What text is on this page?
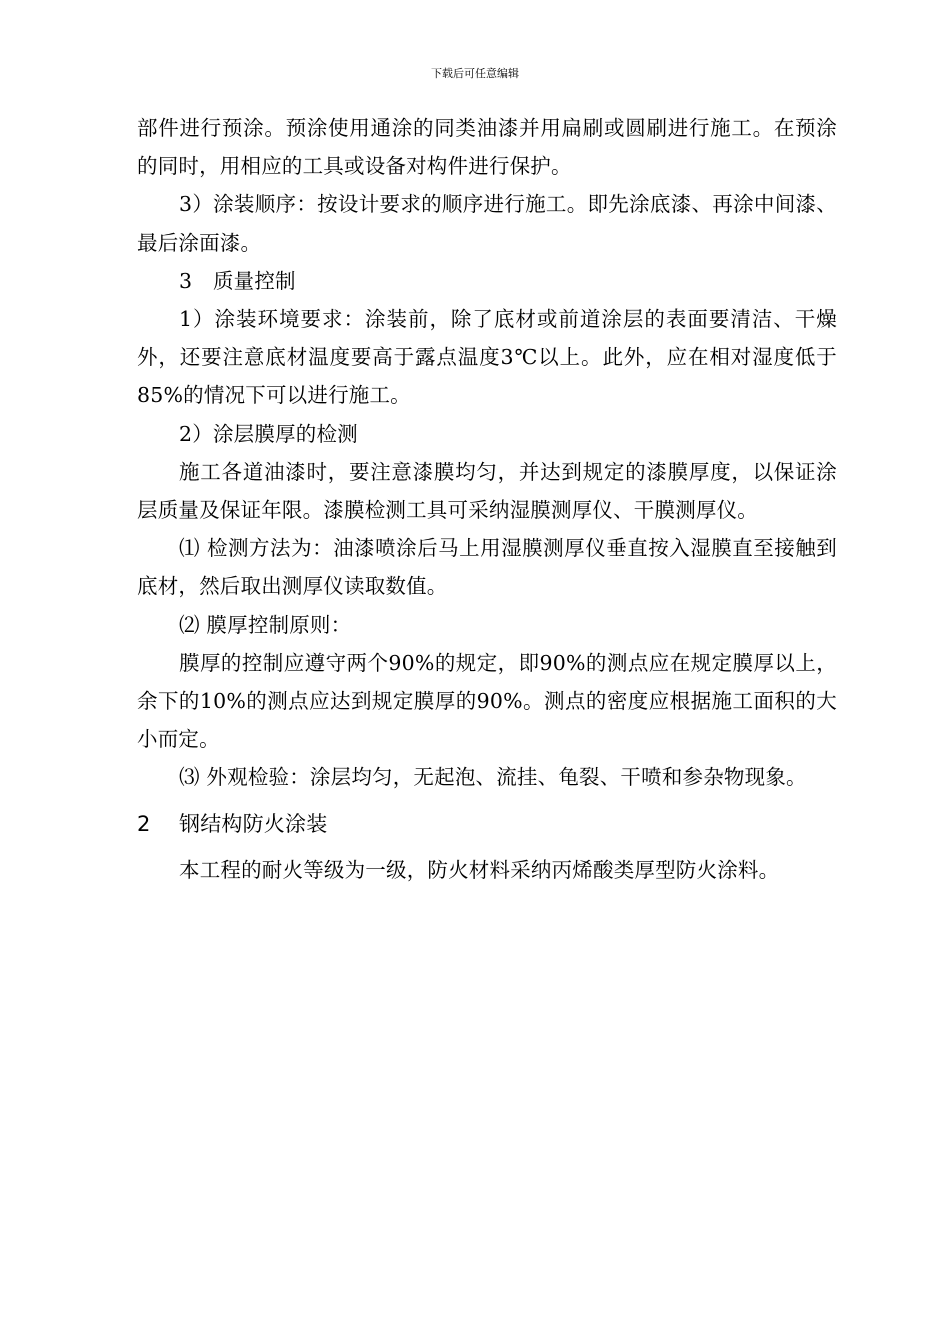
下载后可任意编辑

部件进行预涂。预涂使用通涂的同类油漆并用扁刷或圆刷进行施工。在预涂的同时，用相应的工具或设备对构件进行保护。

3）涂装顺序：按设计要求的顺序进行施工。即先涂底漆、再涂中间漆、最后涂面漆。

3　质量控制

1）涂装环境要求：涂装前，除了底材或前道涂层的表面要清洁、干燥外，还要注意底材温度要高于露点温度3℃以上。此外，应在相对湿度低于85%的情况下可以进行施工。

2）涂层膜厚的检测

施工各道油漆时，要注意漆膜均匀，并达到规定的漆膜厚度，以保证涂层质量及保证年限。漆膜检测工具可采纳湿膜测厚仪、干膜测厚仪。

⑴ 检测方法为：油漆喷涂后马上用湿膜测厚仪垂直按入湿膜直至接触到底材，然后取出测厚仪读取数值。

⑵ 膜厚控制原则：

膜厚的控制应遵守两个90%的规定，即90%的测点应在规定膜厚以上，余下的10%的测点应达到规定膜厚的90%。测点的密度应根据施工面积的大小而定。

⑶ 外观检验：涂层均匀，无起泡、流挂、龟裂、干喷和参杂物现象。

2 钢结构防火涂装

本工程的耐火等级为一级，防火材料采纳丙烯酸类厚型防火涂料。
